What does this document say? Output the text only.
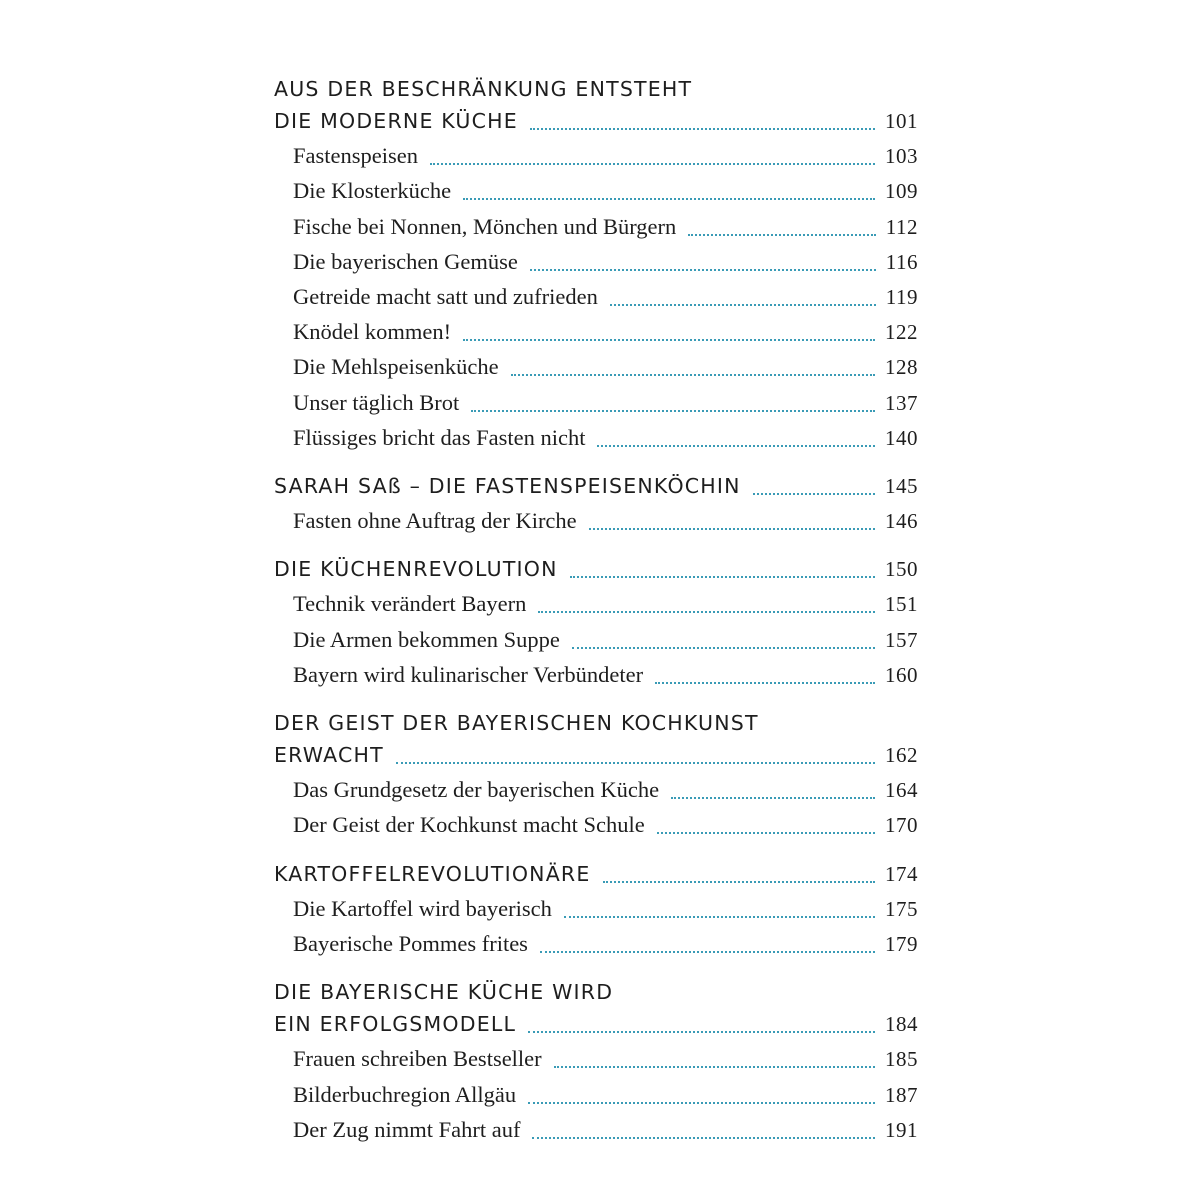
AUS DER BESCHRÄNKUNG ENTSTEHT
DIE MODERNE KÜCHE	101
Fastenspeisen	103
Die Klosterküche	109
Fische bei Nonnen, Mönchen und Bürgern	112
Die bayerischen Gemüse	116
Getreide macht satt und zufrieden	119
Knödel kommen!	122
Die Mehlspeisenküche	128
Unser täglich Brot	137
Flüssiges bricht das Fasten nicht	140
SARAH SAß – DIE FASTENSPEISENKÖCHIN	145
Fasten ohne Auftrag der Kirche	146
DIE KÜCHENREVOLUTION	150
Technik verändert Bayern	151
Die Armen bekommen Suppe	157
Bayern wird kulinarischer Verbündeter	160
DER GEIST DER BAYERISCHEN KOCHKUNST
ERWACHT	162
Das Grundgesetz der bayerischen Küche	164
Der Geist der Kochkunst macht Schule	170
KARTOFFELREVOLUTIONÄRE	174
Die Kartoffel wird bayerisch	175
Bayerische Pommes frites	179
DIE BAYERISCHE KÜCHE WIRD
EIN ERFOLGSMODELL	184
Frauen schreiben Bestseller	185
Bilderbuchregion Allgäu	187
Der Zug nimmt Fahrt auf	191
